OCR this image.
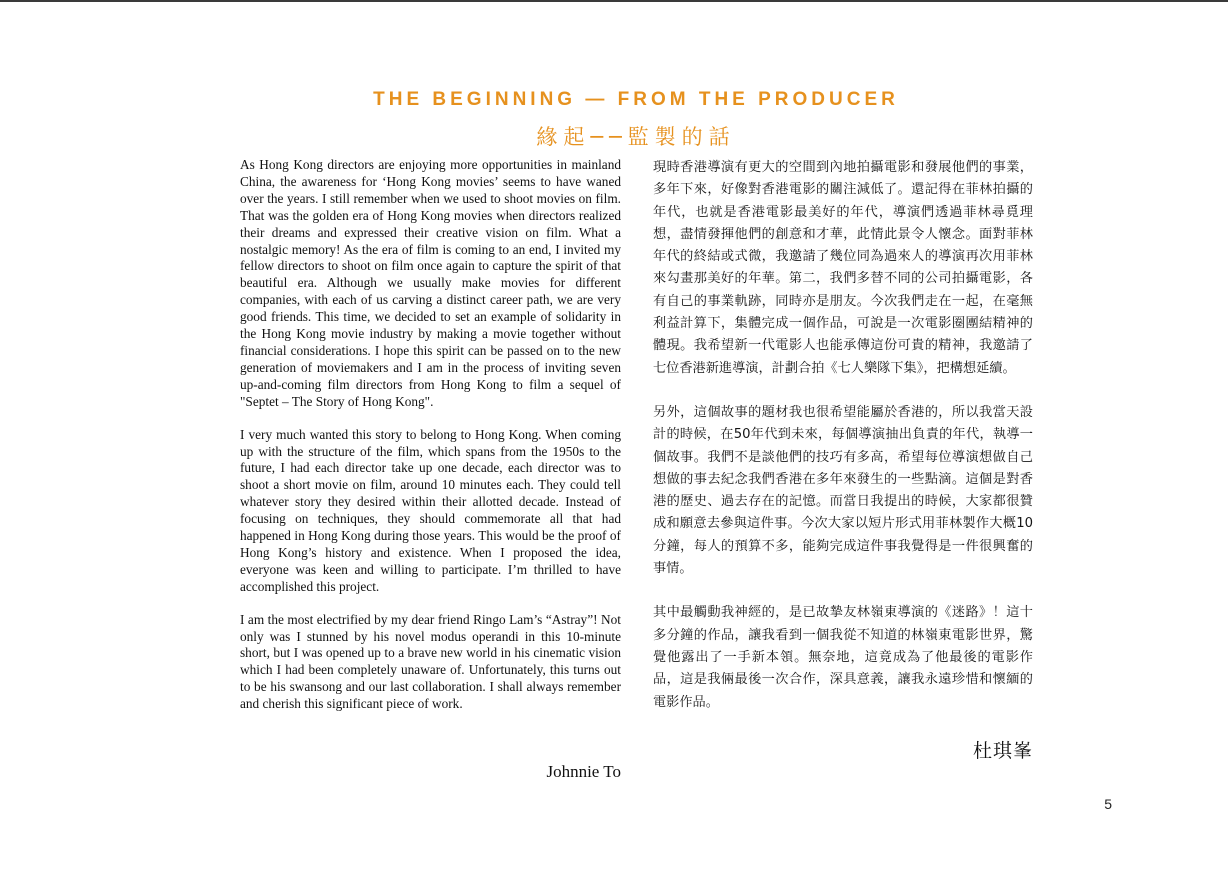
THE BEGINNING — FROM THE PRODUCER
緣起──監製的話

As Hong Kong directors are enjoying more opportunities in mainland China, the awareness for ‘Hong Kong movies’ seems to have waned over the years. I still remember when we used to shoot movies on film. That was the golden era of Hong Kong movies when directors realized their dreams and expressed their creative vision on film. What a nostalgic memory! As the era of film is coming to an end, I invited my fellow directors to shoot on film once again to capture the spirit of that beautiful era. Although we usually make movies for different companies, with each of us carving a distinct career path, we are very good friends. This time, we decided to set an example of solidarity in the Hong Kong movie industry by making a movie together without financial considerations. I hope this spirit can be passed on to the new generation of moviemakers and I am in the process of inviting seven up-and-coming film directors from Hong Kong to film a sequel of "Septet – The Story of Hong Kong".

I very much wanted this story to belong to Hong Kong. When coming up with the structure of the film, which spans from the 1950s to the future, I had each director take up one decade, each director was to shoot a short movie on film, around 10 minutes each. They could tell whatever story they desired within their allotted decade. Instead of focusing on techniques, they should commemorate all that had happened in Hong Kong during those years. This would be the proof of Hong Kong’s history and existence. When I proposed the idea, everyone was keen and willing to participate. I’m thrilled to have accomplished this project.

I am the most electrified by my dear friend Ringo Lam’s “Astray”! Not only was I stunned by his novel modus operandi in this 10-minute short, but I was opened up to a brave new world in his cinematic vision which I had been completely unaware of. Unfortunately, this turns out to be his swansong and our last collaboration. I shall always remember and cherish this significant piece of work.

Johnnie To

現時香港導演有更大的空間到內地拍攝電影和發展他們的事業，多年下來，好像對香港電影的關注減低了。還記得在菲林拍攝的年代，也就是香港電影最美好的年代，導演們透過菲林尋覓理想，盡情發揮他們的創意和才華，此情此景令人懷念。面對菲林年代的終結或式微，我邀請了幾位同為過來人的導演再次用菲林來勾畫那美好的年華。第二，我們多替不同的公司拍攝電影，各有自己的事業軌跡，同時亦是朋友。今次我們走在一起，在毫無利益計算下，集體完成一個作品，可說是一次電影圈團結精神的體現。我希望新一代電影人也能承傳這份可貴的精神，我邀請了七位香港新進導演，計劃合拍《七人樂隊下集》，把構想延續。

另外，這個故事的題材我也很希望能屬於香港的，所以我當天設計的時候，在50年代到未來，每個導演抽出負責的年代，執導一個故事。我們不是談他們的技巧有多高，希望每位導演想做自己想做的事去紀念我們香港在多年來發生的一些點滴。這個是對香港的歷史、過去存在的記憶。而當日我提出的時候，大家都很贊成和願意去參與這件事。今次大家以短片形式用菲林製作大概10分鐘，每人的預算不多，能夠完成這件事我覺得是一件很興奮的事情。

其中最觸動我神經的，是已故摯友林嶺東導演的《迷路》！這十多分鐘的作品，讓我看到一個我從不知道的林嶺東電影世界，驚覺他露出了一手新本領。無奈地，這竟成為了他最後的電影作品，這是我倆最後一次合作，深具意義，讓我永遠珍惜和懷緬的電影作品。

杜琪峯
5
